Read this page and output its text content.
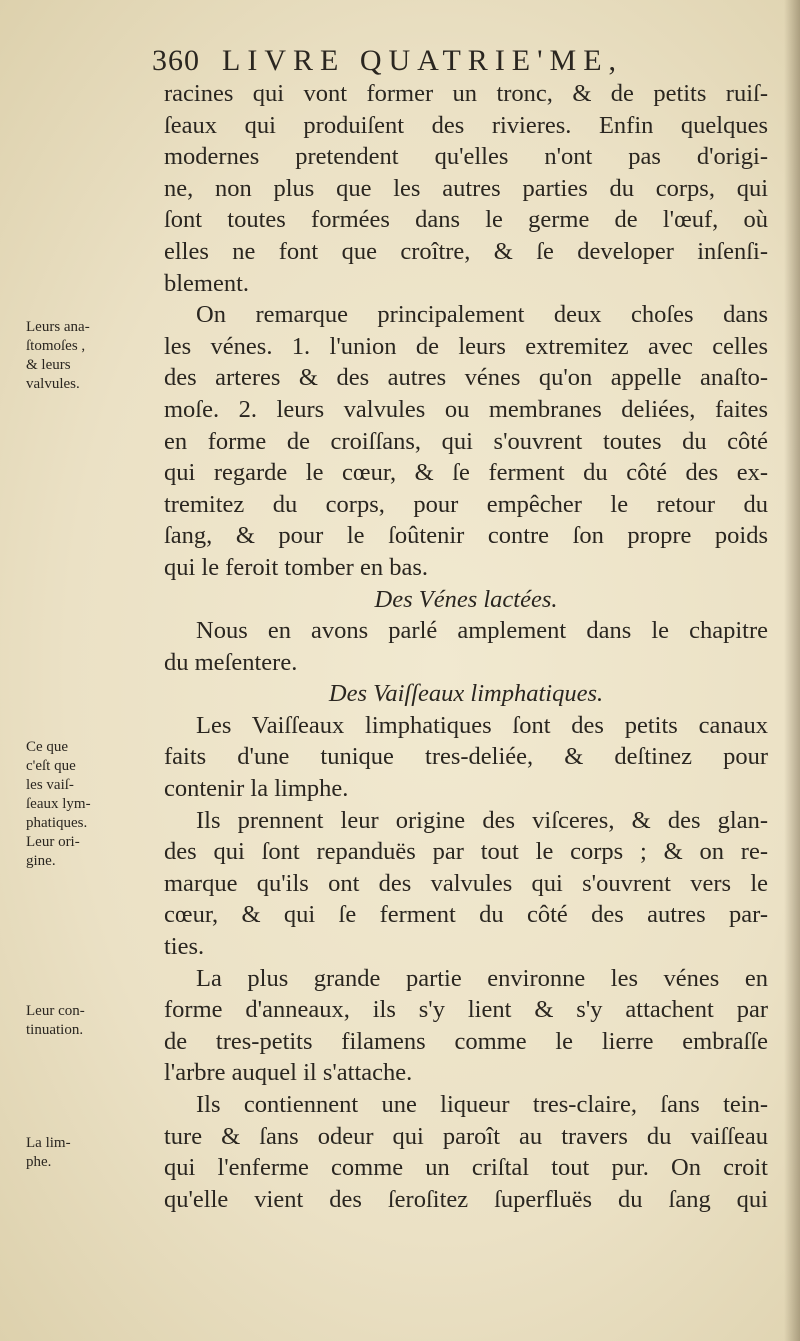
360 LIVRE QUATRIE'ME,
Leurs ana-
ſtomoſes ,
& leurs
valvules.
Ce que
c'eſt que
les vaiſ-
ſeaux lym-
phatiques.
Leur ori-
gine.
Leur con-
tinuation.
La lim-
phe.
racines qui vont former un tronc, & de petits ruiſ-
ſeaux qui produiſent des rivieres. Enfin quelques
modernes pretendent qu'elles n'ont pas d'origi-
ne, non plus que les autres parties du corps, qui
ſont toutes formées dans le germe de l'œuf, où
elles ne font que croître, & ſe developer inſenſi-
blement.
On remarque principalement deux choſes dans
les vénes. 1. l'union de leurs extremitez avec celles
des arteres & des autres vénes qu'on appelle anaſto-
moſe. 2. leurs valvules ou membranes deliées, faites
en forme de croiſſans, qui s'ouvrent toutes du côté
qui regarde le cœur, & ſe ferment du côté des ex-
tremitez du corps, pour empêcher le retour du
ſang, & pour le ſoûtenir contre ſon propre poids
qui le feroit tomber en bas.
Des Vénes lactées.
Nous en avons parlé amplement dans le chapitre
du meſentere.
Des Vaiſſeaux limphatiques.
Les Vaiſſeaux limphatiques ſont des petits canaux
faits d'une tunique tres-deliée, & deſtinez pour
contenir la limphe.
Ils prennent leur origine des viſceres, & des glan-
des qui ſont repanduës par tout le corps ; & on re-
marque qu'ils ont des valvules qui s'ouvrent vers le
cœur, & qui ſe ferment du côté des autres par-
ties.
La plus grande partie environne les vénes en
forme d'anneaux, ils s'y lient & s'y attachent par
de tres-petits filamens comme le lierre embraſſe
l'arbre auquel il s'attache.
Ils contiennent une liqueur tres-claire, ſans tein-
ture & ſans odeur qui paroît au travers du vaiſſeau
qui l'enferme comme un criſtal tout pur. On croit
qu'elle vient des ſeroſitez ſuperfluës du ſang qui
